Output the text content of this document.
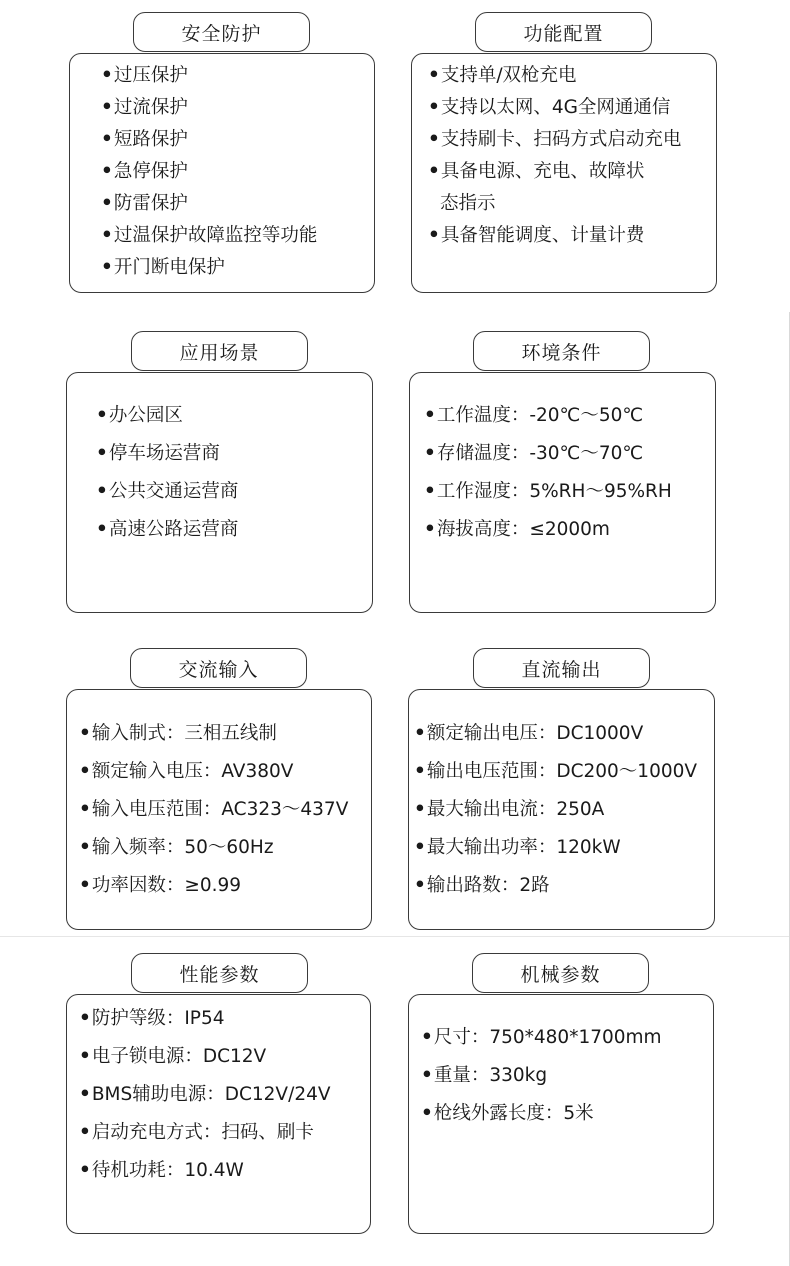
安全防护
•过压保护
•过流保护
•短路保护
•急停保护
•防雷保护
•过温保护故障监控等功能
•开门断电保护
功能配置
•支持单/双枪充电
•支持以太网、4G全网通通信
•支持刷卡、扫码方式启动充电
•具备电源、充电、故障状
态指示
•具备智能调度、计量计费
应用场景
•办公园区
•停车场运营商
•公共交通运营商
•高速公路运营商
环境条件
•工作温度：-20℃～50℃
•存储温度：-30℃～70℃
•工作湿度：5%RH～95%RH
•海拔高度：≤2000m
交流输入
•输入制式：三相五线制
•额定输入电压：AV380V
•输入电压范围：AC323～437V
•输入频率：50～60Hz
•功率因数：≥0.99
直流输出
•额定输出电压：DC1000V
•输出电压范围：DC200～1000V
•最大输出电流：250A
•最大输出功率：120kW
•输出路数：2路
性能参数
•防护等级：IP54
•电子锁电源：DC12V
•BMS辅助电源：DC12V/24V
•启动充电方式：扫码、刷卡
•待机功耗：10.4W
机械参数
•尺寸：750*480*1700mm
•重量：330kg
•枪线外露长度：5米
